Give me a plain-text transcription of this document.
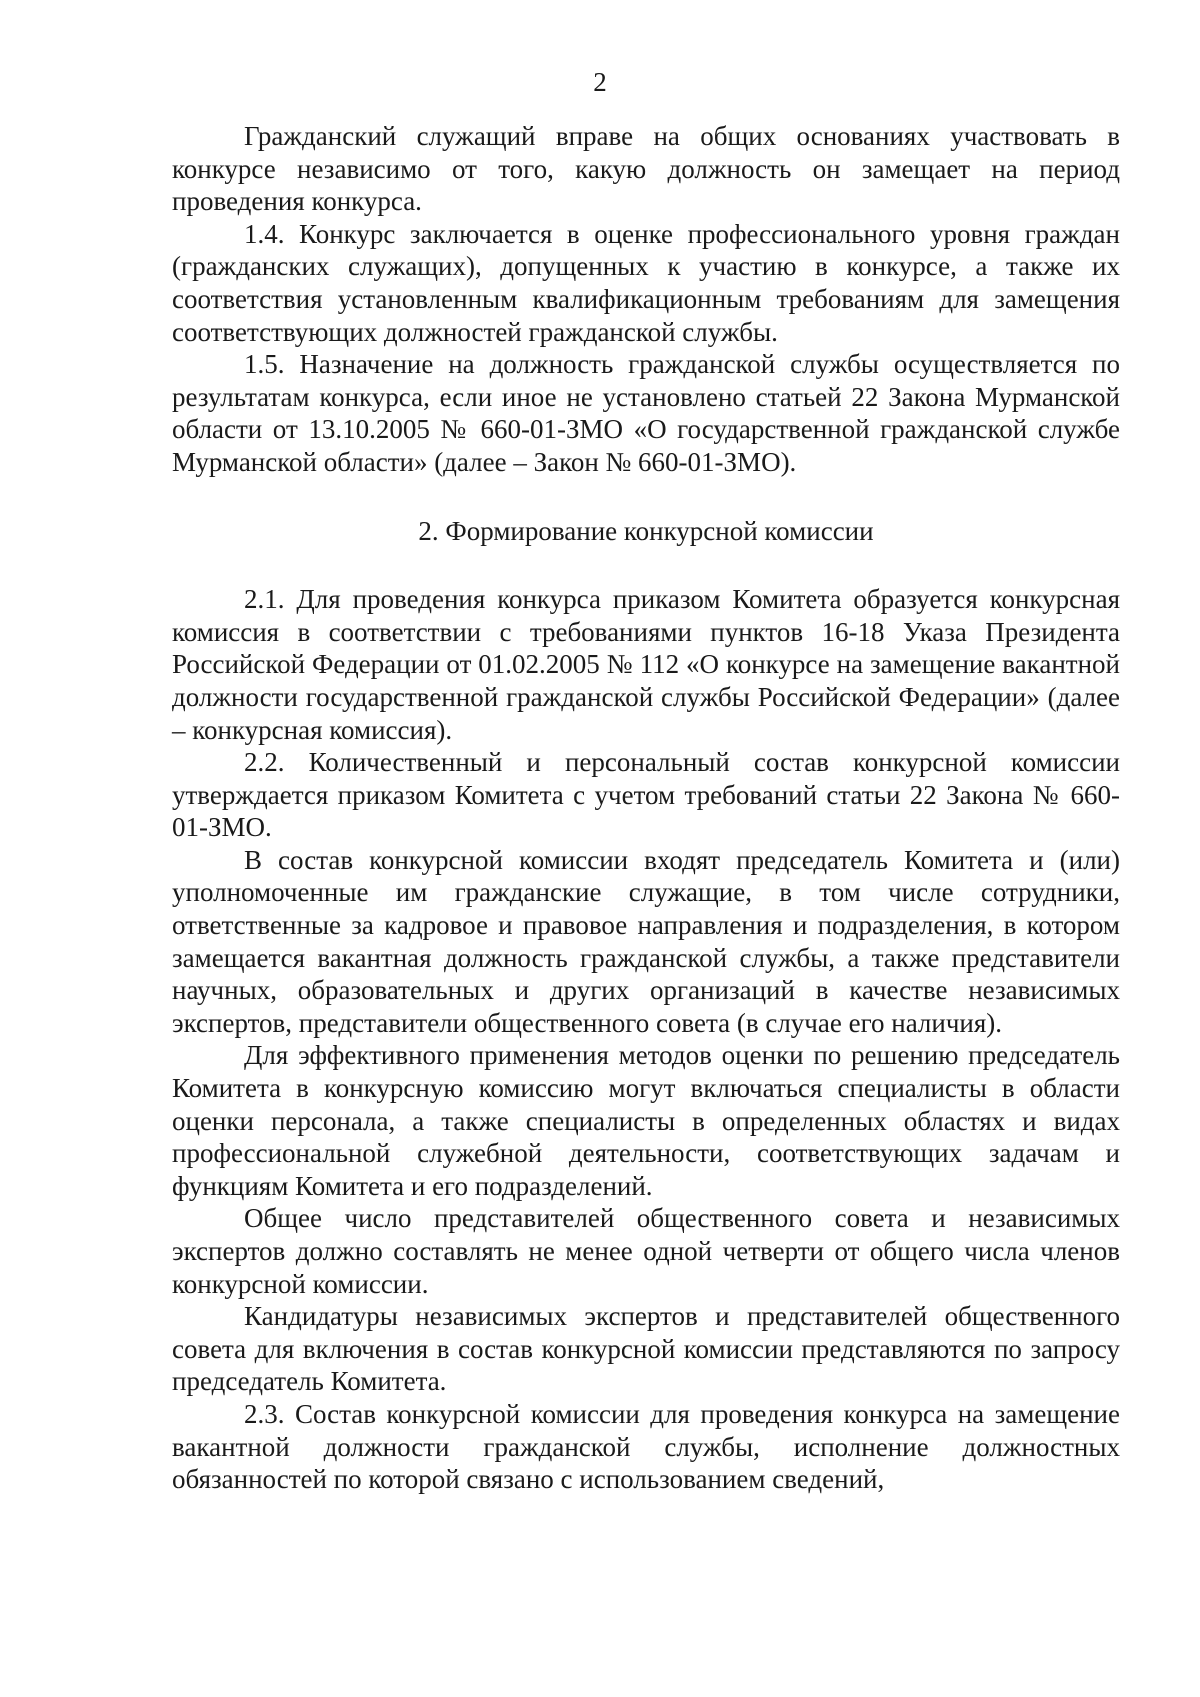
2

Гражданский служащий вправе на общих основаниях участвовать в конкурсе независимо от того, какую должность он замещает на период проведения конкурса.

1.4. Конкурс заключается в оценке профессионального уровня граждан (гражданских служащих), допущенных к участию в конкурсе, а также их соответствия установленным квалификационным требованиям для замещения соответствующих должностей гражданской службы.

1.5. Назначение на должность гражданской службы осуществляется по результатам конкурса, если иное не установлено статьей 22 Закона Мурманской области от 13.10.2005 № 660-01-ЗМО «О государственной гражданской службе Мурманской области» (далее – Закон № 660-01-ЗМО).

2. Формирование конкурсной комиссии

2.1. Для проведения конкурса приказом Комитета образуется конкурсная комиссия в соответствии с требованиями пунктов 16-18 Указа Президента Российской Федерации от 01.02.2005 № 112 «О конкурсе на замещение вакантной должности государственной гражданской службы Российской Федерации» (далее – конкурсная комиссия).

2.2. Количественный и персональный состав конкурсной комиссии утверждается приказом Комитета с учетом требований статьи 22 Закона № 660-01-ЗМО.

В состав конкурсной комиссии входят председатель Комитета и (или) уполномоченные им гражданские служащие, в том числе сотрудники, ответственные за кадровое и правовое направления и подразделения, в котором замещается вакантная должность гражданской службы, а также представители научных, образовательных и других организаций в качестве независимых экспертов, представители общественного совета (в случае его наличия).

Для эффективного применения методов оценки по решению председатель Комитета в конкурсную комиссию могут включаться специалисты в области оценки персонала, а также специалисты в определенных областях и видах профессиональной служебной деятельности, соответствующих задачам и функциям Комитета и его подразделений.

Общее число представителей общественного совета и независимых экспертов должно составлять не менее одной четверти от общего числа членов конкурсной комиссии.

Кандидатуры независимых экспертов и представителей общественного совета для включения в состав конкурсной комиссии представляются по запросу председатель Комитета.

2.3. Состав конкурсной комиссии для проведения конкурса на замещение вакантной должности гражданской службы, исполнение должностных обязанностей по которой связано с использованием сведений,
